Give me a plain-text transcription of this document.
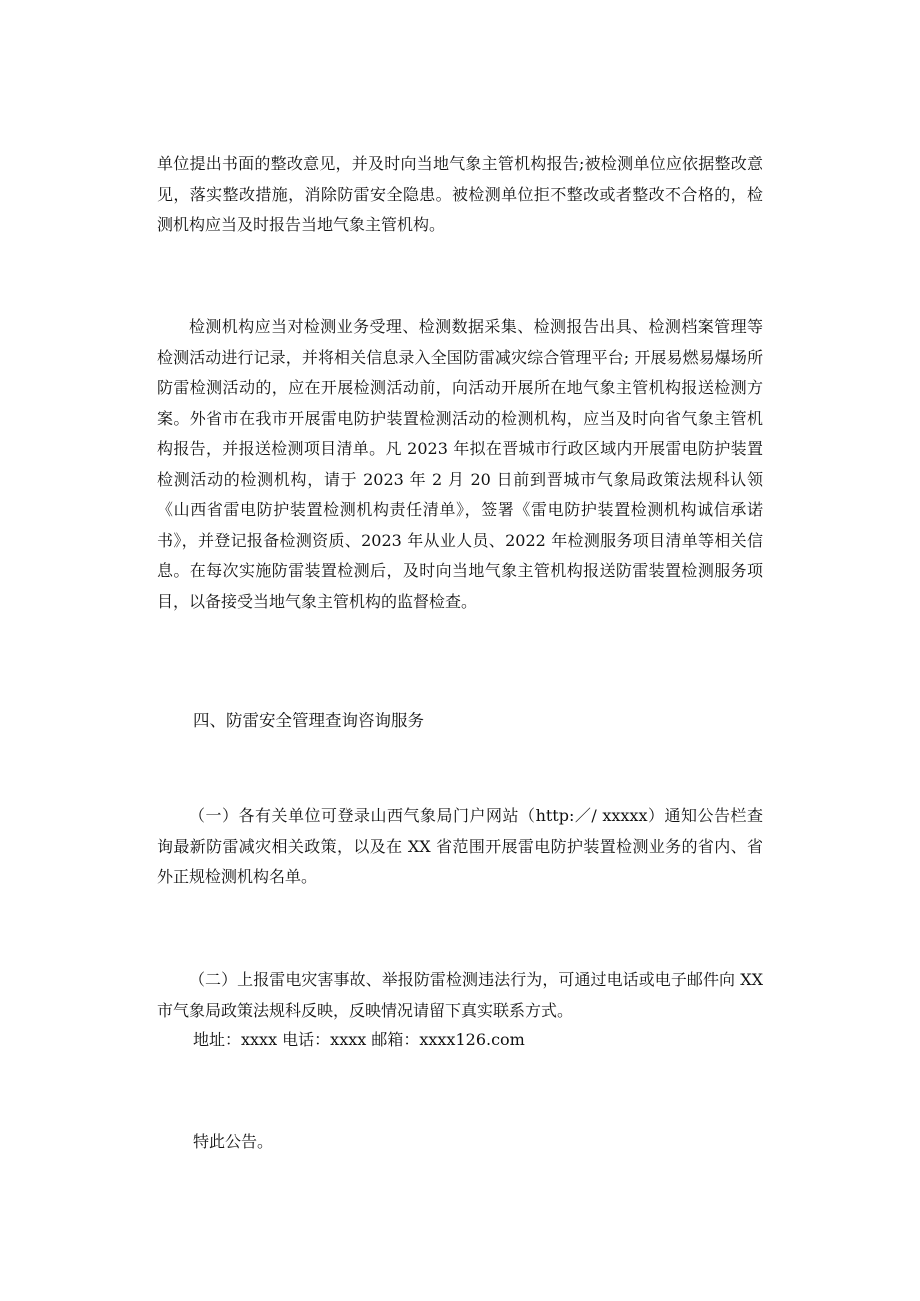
单位提出书面的整改意见，并及时向当地气象主管机构报告;被检测单位应依据整改意见，落实整改措施，消除防雷安全隐患。被检测单位拒不整改或者整改不合格的，检测机构应当及时报告当地气象主管机构。

检测机构应当对检测业务受理、检测数据采集、检测报告出具、检测档案管理等检测活动进行记录，并将相关信息录入全国防雷减灾综合管理平台; 开展易燃易爆场所防雷检测活动的，应在开展检测活动前，向活动开展所在地气象主管机构报送检测方案。外省市在我市开展雷电防护装置检测活动的检测机构，应当及时向省气象主管机构报告，并报送检测项目清单。凡 2023 年拟在晋城市行政区域内开展雷电防护装置检测活动的检测机构，请于 2023 年 2 月 20 日前到晋城市气象局政策法规科认领《山西省雷电防护装置检测机构责任清单》，签署《雷电防护装置检测机构诚信承诺书》，并登记报备检测资质、2023 年从业人员、2022 年检测服务项目清单等相关信息。在每次实施防雷装置检测后，及时向当地气象主管机构报送防雷装置检测服务项目，以备接受当地气象主管机构的监督检查。

四、防雷安全管理查询咨询服务

（一）各有关单位可登录山西气象局门户网站（http:／/ xxxxx）通知公告栏查询最新防雷减灾相关政策，以及在 XX 省范围开展雷电防护装置检测业务的省内、省外正规检测机构名单。

（二）上报雷电灾害事故、举报防雷检测违法行为，可通过电话或电子邮件向 XX 市气象局政策法规科反映，反映情况请留下真实联系方式。

地址：xxxx 电话：xxxx 邮箱：xxxx126.com

特此公告。
